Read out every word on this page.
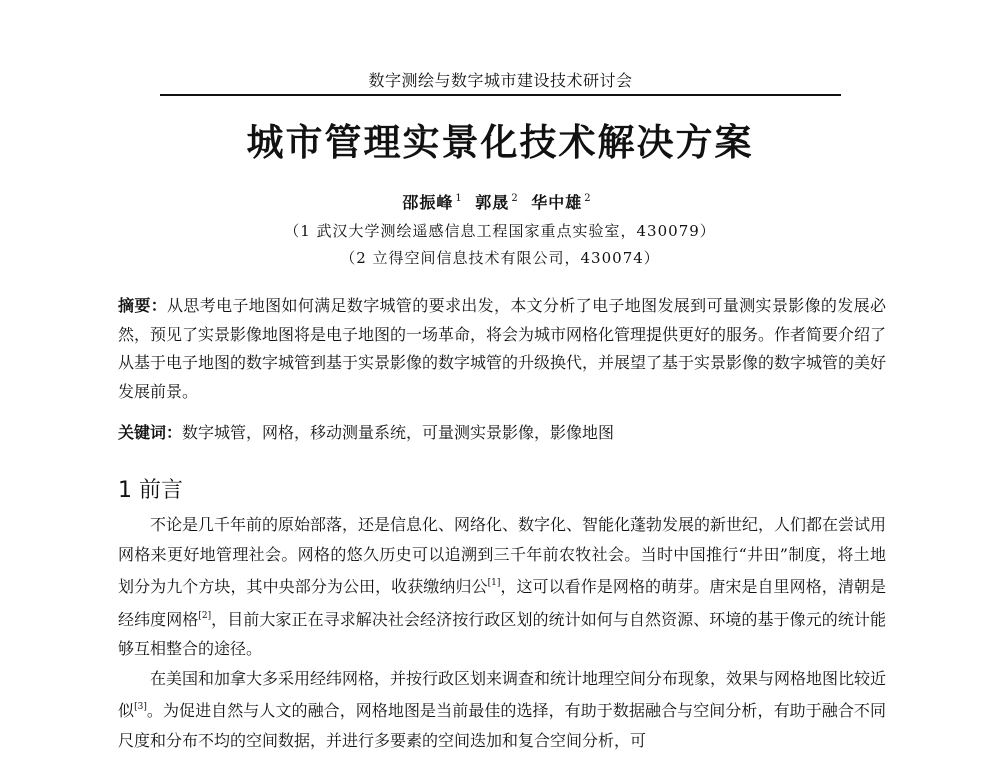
数字测绘与数字城市建设技术研讨会
城市管理实景化技术解决方案
邵振峰 $^1$ 郭晟 $^2$ 华中雄 $^2$
（1 武汉大学测绘遥感信息工程国家重点实验室，430079）
（2 立得空间信息技术有限公司，430074）
摘要：从思考电子地图如何满足数字城管的要求出发，本文分析了电子地图发展到可量测实景影像的发展必然，预见了实景影像地图将是电子地图的一场革命，将会为城市网格化管理提供更好的服务。作者简要介绍了从基于电子地图的数字城管到基于实景影像的数字城管的升级换代，并展望了基于实景影像的数字城管的美好发展前景。
关键词：数字城管，网格，移动测量系统，可量测实景影像，影像地图
1 前言

不论是几千年前的原始部落，还是信息化、网络化、数字化、智能化蓬勃发展的新世纪，人们都在尝试用网格来更好地管理社会。网格的悠久历史可以追溯到三千年前农牧社会。当时中国推行“井田”制度，将土地划分为九个方块，其中央部分为公田，收获缴纳归公[1]，这可以看作是网格的萌芽。唐宋是自里网格，清朝是经纬度网格[2]，目前大家正在寻求解决社会经济按行政区划的统计如何与自然资源、环境的基于像元的统计能够互相整合的途径。

在美国和加拿大多采用经纬网格，并按行政区划来调查和统计地理空间分布现象，效果与网格地图比较近似[3]。为促进自然与人文的融合，网格地图是当前最佳的选择，有助于数据融合与空间分析，有助于融合不同尺度和分布不均的空间数据，并进行多要素的空间迭加和复合空间分析，可
